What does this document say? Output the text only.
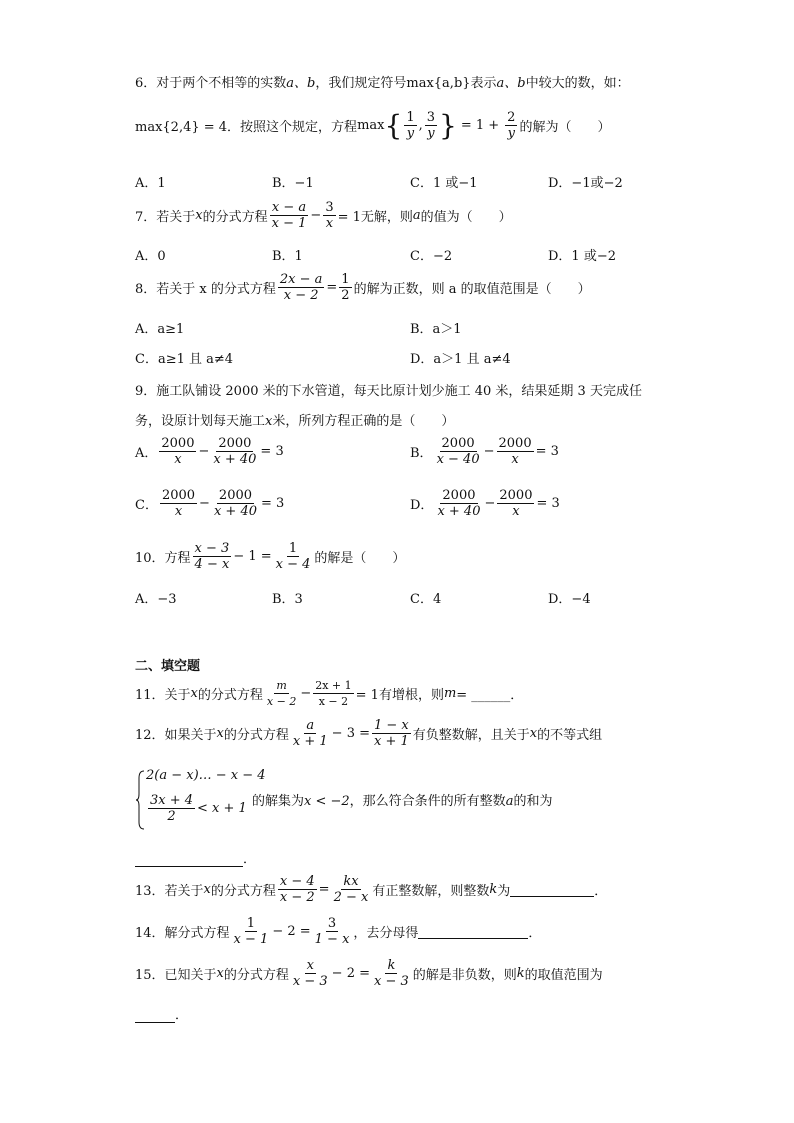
6．对于两个不相等的实数a、b，我们规定符号max{a,b}表示a、b中较大的数，如：
max{2,4} = 4．按照这个规定，方程 max { $\frac{1}{y}$ , $\frac{3}{y}$ } = $1 + \frac{2}{y}$ 的解为（　　）
A．1	B．−1	C．1 或−1	D．−1或−2
7．若关于 x 的分式方程 $\frac{x - a}{x - 1} - \frac{3}{x} = 1$无解，则 a 的值为（　　）
A．0	B．1	C．−2	D．1 或−2
8．若关于 x 的分式方程 $\frac{2x - a}{x - 2} = \frac{1}{2}$ 的解为正数，则 a 的取值范围是（　　）
A．a≥1	B．a＞1
C．a≥1 且 a≠4	D．a＞1 且 a≠4
9．施工队铺设 2000 米的下水管道，每天比原计划少施工 40 米，结果延期 3 天完成任
务，设原计划每天施工x米，所列方程正确的是（　　）
A． $\frac{2000}{x} - \frac{2000}{x + 40} = 3$	B． $\frac{2000}{x - 40} - \frac{2000}{x} = 3$
C． $\frac{2000}{x} - \frac{2000}{x + 40} = 3$	D． $\frac{2000}{x + 40} - \frac{2000}{x} = 3$
10．方程 $\frac{x - 3}{4 - x} - 1 = \frac{1}{x - 4}$ 的解是（　　）
A．−3	B．3	C．4	D．−4
二、填空题
11．关于 x 的分式方程 $\frac{m}{x - 2} - \frac{2x + 1}{x - 2} = 1$有增根，则 m = ______．
12．如果关于 x 的分式方程 $\frac{a}{x + 1} - 3 = \frac{1 - x}{x + 1}$ 有负整数解，且关于 x 的不等式组
2(a − x)… − x − 4
$\frac{3x + 4}{2} < x + 1$ 的解集为x < −2，那么符合条件的所有整数a的和为
．
13．若关于 x 的分式方程 $\frac{x - 4}{x - 2} = \frac{kx}{2 - x}$ 有正整数解，则整数 k 为	．
14．解分式方程 $\frac{1}{x - 1} - 2 = \frac{3}{1 - x}$ ，去分母得	．
15．已知关于 x 的分式方程 $\frac{x}{x - 3} - 2 = \frac{k}{x - 3}$ 的解是非负数，则 k 的取值范围为
．
